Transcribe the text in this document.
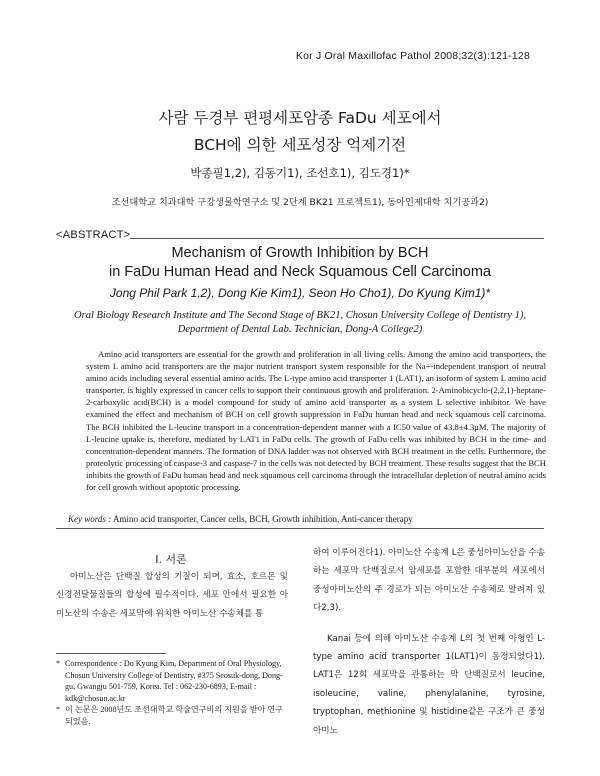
Kor J Oral Maxillofac Pathol 2008;32(3):121-128
사람 두경부 편평세포암종 FaDu 세포에서
BCH에 의한 세포성장 억제기전
박종필1,2), 김동기1), 조선호1), 김도경1)*
조선대학교 치과대학 구강생물학연구소 및 2단계 BK21 프로젝트1), 동아인제대학 치기공과2)
<ABSTRACT>
Mechanism of Growth Inhibition by BCH
in FaDu Human Head and Neck Squamous Cell Carcinoma
Jong Phil Park 1,2), Dong Kie Kim1), Seon Ho Cho1), Do Kyung Kim1)*
Oral Biology Research Institute and The Second Stage of BK21, Chosun University College of Dentistry 1),
Department of Dental Lab. Technician, Dong-A College2)

Amino acid transporters are essential for the growth and proliferation in all living cells. Among the amino acid transporters, the system L amino acid transporters are the major nutrient transport system responsible for the Na+-independent transport of neutral amino acids including several essential amino acids. The L-type amino acid transporter 1 (LAT1), an isoform of system L amino acid transporter, is highly expressed in cancer cells to support their continuous growth and proliferation. 2-Aminobicyclo-(2,2,1)-heptane-2-carboxylic acid(BCH) is a model compound for study of amino acid transporter as a system L selective inhibitor. We have examined the effect and mechanism of BCH on cell growth suppression in FaDu human head and neck squamous cell carcinoma. The BCH inhibited the L-leucine transport in a concentration-dependent manner with a IC50 value of 43.8±4.3μM. The majority of L-leucine uptake is, therefore, mediated by LAT1 in FaDu cells. The growth of FaDu cells was inhibited by BCH in the time- and concentration-dependent manners. The formation of DNA ladder was not observed with BCH treatment in the cells. Furthermore, the proteolytic processing of caspase-3 and caspase-7 in the cells was not detected by BCH treatment. These results suggest that the BCH inhibits the growth of FaDu human head and neck squamous cell carcinoma through the intracellular depletion of neutral amino acids for cell growth without apoptotic processing.

Key words : Amino acid transporter, Cancer cells, BCH, Growth inhibition, Anti-cancer therapy
I. 서론

아미노산은 단백질 합성의 기질이 되며, 효소, 호르몬 및 신경전달물질들의 합성에 필수적이다. 세포 안에서 필요한 아미노산의 수송은 세포막에 위치한 아미노산 수송체를 통

하여 이루어진다1). 아미노산 수송계 L은 중성아미노산을 수송하는 세포막 단백질로서 암세포를 포함한 대부분의 세포에서 중성아미노산의 주 경로가 되는 아미노산 수송체로 알려져 있다2,3).

Kanai 등에 의해 아미노산 수송계 L의 첫 번째 아형인 L-type amino acid transporter 1(LAT1)이 동정되었다1). LAT1은 12회 세포막을 관통하는 막 단백질로서 leucine, isoleucine, valine, phenylalanine, tyrosine, tryptophan, methionine 및 histidine같은 구조가 큰 중성아미노

* Correspondence : Do Kyung Kim, Department of Oral Physiology, Chosun University College of Dentistry, #375 Seosuk-dong, Dong-gu, Gwangju 501-759, Korea. Tel : 062-230-6893, E-mail : kdk@chosun.ac.kr
* 이 논문은 2008년도 조선대학교 학술연구비의 지원을 받아 연구되었음.
